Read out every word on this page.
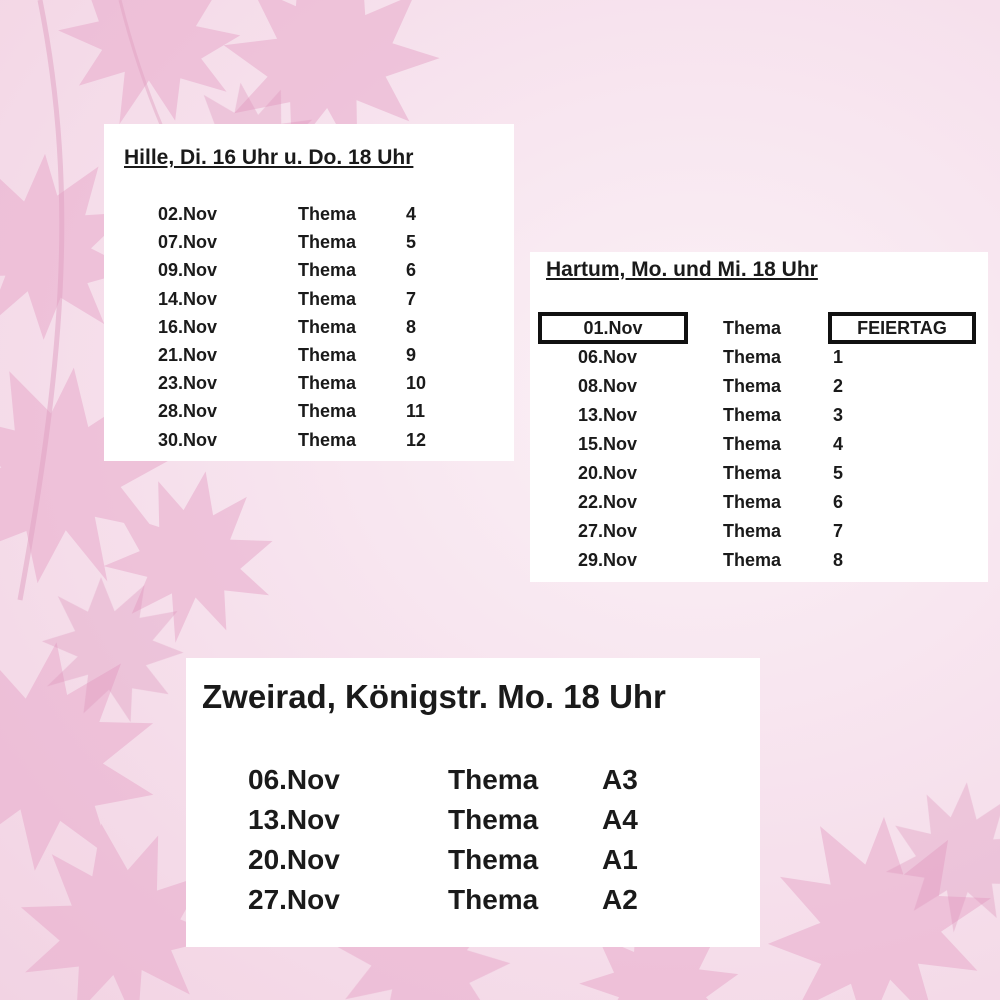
Hille, Di. 16 Uhr u. Do. 18 Uhr
02.Nov	Thema	4
07.Nov	Thema	5
09.Nov	Thema	6
14.Nov	Thema	7
16.Nov	Thema	8
21.Nov	Thema	9
23.Nov	Thema	10
28.Nov	Thema	11
30.Nov	Thema	12
Hartum, Mo. und Mi. 18 Uhr
01.Nov	Thema	FEIERTAG
06.Nov	Thema	1
08.Nov	Thema	2
13.Nov	Thema	3
15.Nov	Thema	4
20.Nov	Thema	5
22.Nov	Thema	6
27.Nov	Thema	7
29.Nov	Thema	8
Zweirad, Königstr. Mo. 18 Uhr
06.Nov	Thema A3
13.Nov	Thema A4
20.Nov	Thema A1
27.Nov	Thema A2
